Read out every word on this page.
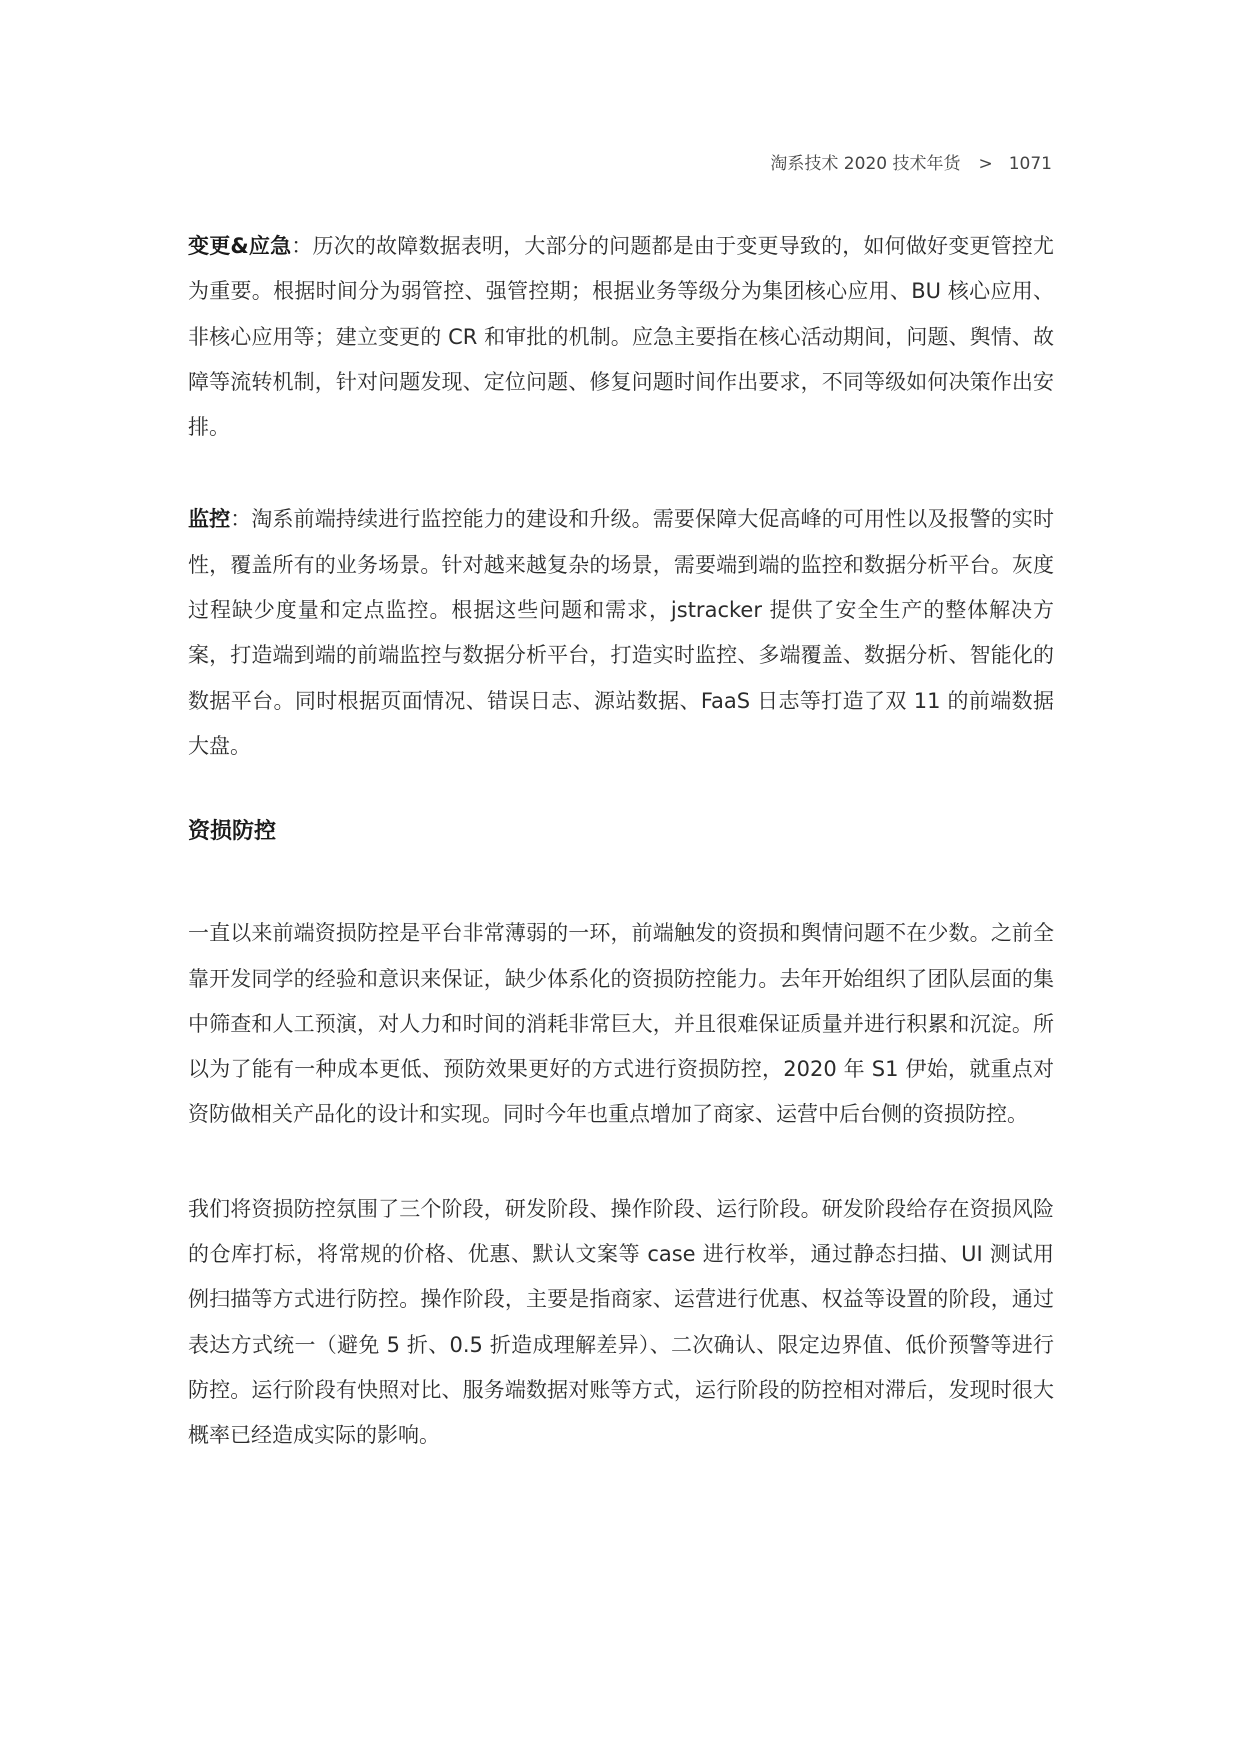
淘系技术 2020 技术年货 > 1071

变更&应急：历次的故障数据表明，大部分的问题都是由于变更导致的，如何做好变更管控尤为重要。根据时间分为弱管控、强管控期；根据业务等级分为集团核心应用、BU 核心应用、非核心应用等；建立变更的 CR 和审批的机制。应急主要指在核心活动期间，问题、舆情、故障等流转机制，针对问题发现、定位问题、修复问题时间作出要求，不同等级如何决策作出安排。

监控：淘系前端持续进行监控能力的建设和升级。需要保障大促高峰的可用性以及报警的实时性，覆盖所有的业务场景。针对越来越复杂的场景，需要端到端的监控和数据分析平台。灰度过程缺少度量和定点监控。根据这些问题和需求，jstracker 提供了安全生产的整体解决方案，打造端到端的前端监控与数据分析平台，打造实时监控、多端覆盖、数据分析、智能化的数据平台。同时根据页面情况、错误日志、源站数据、FaaS 日志等打造了双 11 的前端数据大盘。

资损防控

一直以来前端资损防控是平台非常薄弱的一环，前端触发的资损和舆情问题不在少数。之前全靠开发同学的经验和意识来保证，缺少体系化的资损防控能力。去年开始组织了团队层面的集中筛查和人工预演，对人力和时间的消耗非常巨大，并且很难保证质量并进行积累和沉淀。所以为了能有一种成本更低、预防效果更好的方式进行资损防控，2020 年 S1 伊始，就重点对资防做相关产品化的设计和实现。同时今年也重点增加了商家、运营中后台侧的资损防控。

我们将资损防控氛围了三个阶段，研发阶段、操作阶段、运行阶段。研发阶段给存在资损风险的仓库打标，将常规的价格、优惠、默认文案等 case 进行枚举，通过静态扫描、UI 测试用例扫描等方式进行防控。操作阶段，主要是指商家、运营进行优惠、权益等设置的阶段，通过表达方式统一（避免 5 折、0.5 折造成理解差异）、二次确认、限定边界值、低价预警等进行防控。运行阶段有快照对比、服务端数据对账等方式，运行阶段的防控相对滞后，发现时很大概率已经造成实际的影响。
